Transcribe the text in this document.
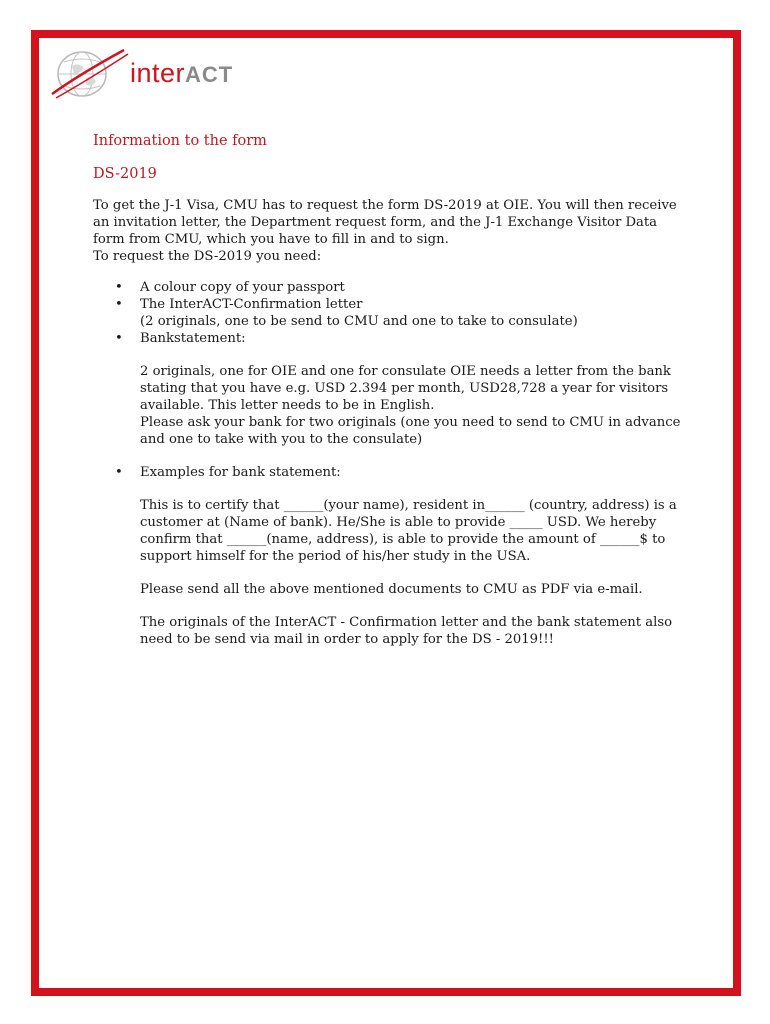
interACT

Information to the form

DS-2019

To get the J-1 Visa, CMU has to request the form DS-2019 at OIE. You will then receive

an invitation letter, the Department request form, and the J-1 Exchange Visitor Data

form from CMU, which you have to fill in and to sign.

To request the DS-2019 you need:

• A colour copy of your passport
• The InterACT-Confirmation letter
(2 originals, one to be send to CMU and one to take to consulate)
• Bankstatement:

2 originals, one for OIE and one for consulate OIE needs a letter from the bank

stating that you have e.g. USD 2.394 per month, USD28,728 a year for visitors

available. This letter needs to be in English.

Please ask your bank for two originals (one you need to send to CMU in advance

and one to take with you to the consulate)

• Examples for bank statement:

This is to certify that ______(your name), resident in______ (country, address) is a

customer at (Name of bank). He/She is able to provide _____ USD. We hereby

confirm that ______(name, address), is able to provide the amount of ______$ to

support himself for the period of his/her study in the USA.

Please send all the above mentioned documents to CMU as PDF via e-mail.

The originals of the InterACT - Confirmation letter and the bank statement also

need to be send via mail in order to apply for the DS - 2019!!!
